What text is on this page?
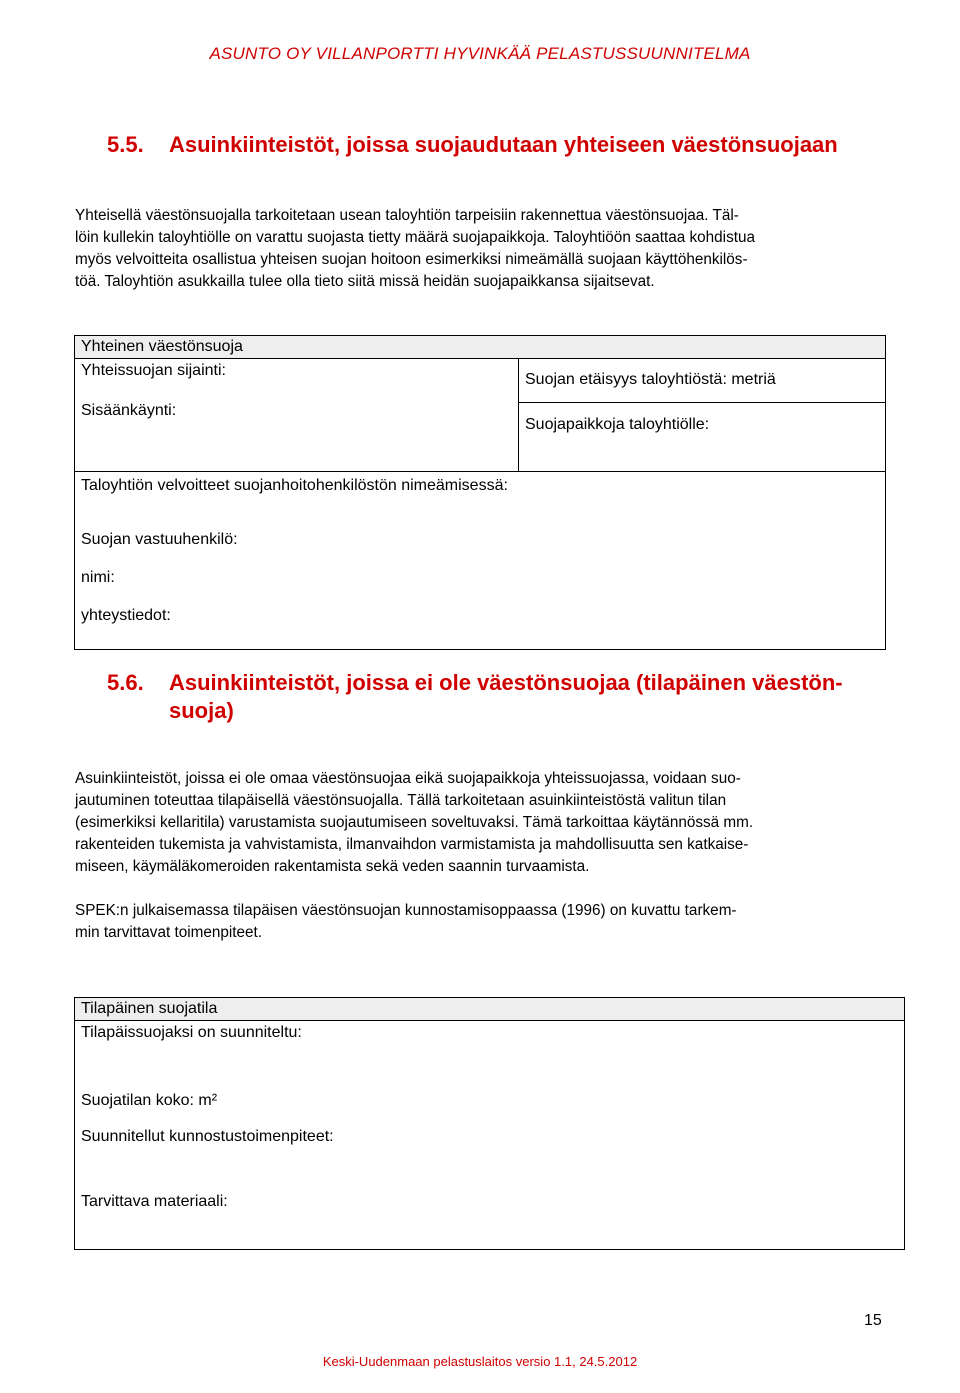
ASUNTO OY VILLANPORTTI HYVINKÄÄ PELASTUSSUUNNITELMA
5.5. Asuinkiinteistöt, joissa suojaudutaan yhteiseen väestönsuojaan
Yhteisellä väestönsuojalla tarkoitetaan usean taloyhtiön tarpeisiin rakennettua väestönsuojaa. Täl-
löin kullekin taloyhtiölle on varattu suojasta tietty määrä suojapaikkoja. Taloyhtiöön saattaa kohdistua
myös velvoitteita osallistua yhteisen suojan hoitoon esimerkiksi nimeämällä suojaan käyttöhenkilös-
töä. Taloyhtiön asukkailla tulee olla tieto siitä missä heidän suojapaikkansa sijaitsevat.
Yhteinen väestönsuoja

Yhteissuojan sijainti:
Sisäänkäynti:

Suojan etäisyys taloyhtiöstä: metriä
Suojapaikkoja taloyhtiölle:

Taloyhtiön velvoitteet suojanhoitohenkilöstön nimeämisessä:
Suojan vastuuhenkilö:
nimi:
yhteystiedot:
5.6. Asuinkiinteistöt, joissa ei ole väestönsuojaa (tilapäinen väestön-
suoja)
Asuinkiinteistöt, joissa ei ole omaa väestönsuojaa eikä suojapaikkoja yhteissuojassa, voidaan suo-
jautuminen toteuttaa tilapäisellä väestönsuojalla. Tällä tarkoitetaan asuinkiinteistöstä valitun tilan
(esimerkiksi kellaritila) varustamista suojautumiseen soveltuvaksi. Tämä tarkoittaa käytännössä mm.
rakenteiden tukemista ja vahvistamista, ilmanvaihdon varmistamista ja mahdollisuutta sen katkaise-
miseen, käymäläkomeroiden rakentamista sekä veden saannin turvaamista.
SPEK:n julkaisemassa tilapäisen väestönsuojan kunnostamisoppaassa (1996) on kuvattu tarkem-
min tarvittavat toimenpiteet.
Tilapäinen suojatila

Tilapäissuojaksi on suunniteltu:
Suojatilan koko: m²
Suunnitellut kunnostustoimenpiteet:
Tarvittava materiaali:
15
Keski-Uudenmaan pelastuslaitos versio 1.1, 24.5.2012
